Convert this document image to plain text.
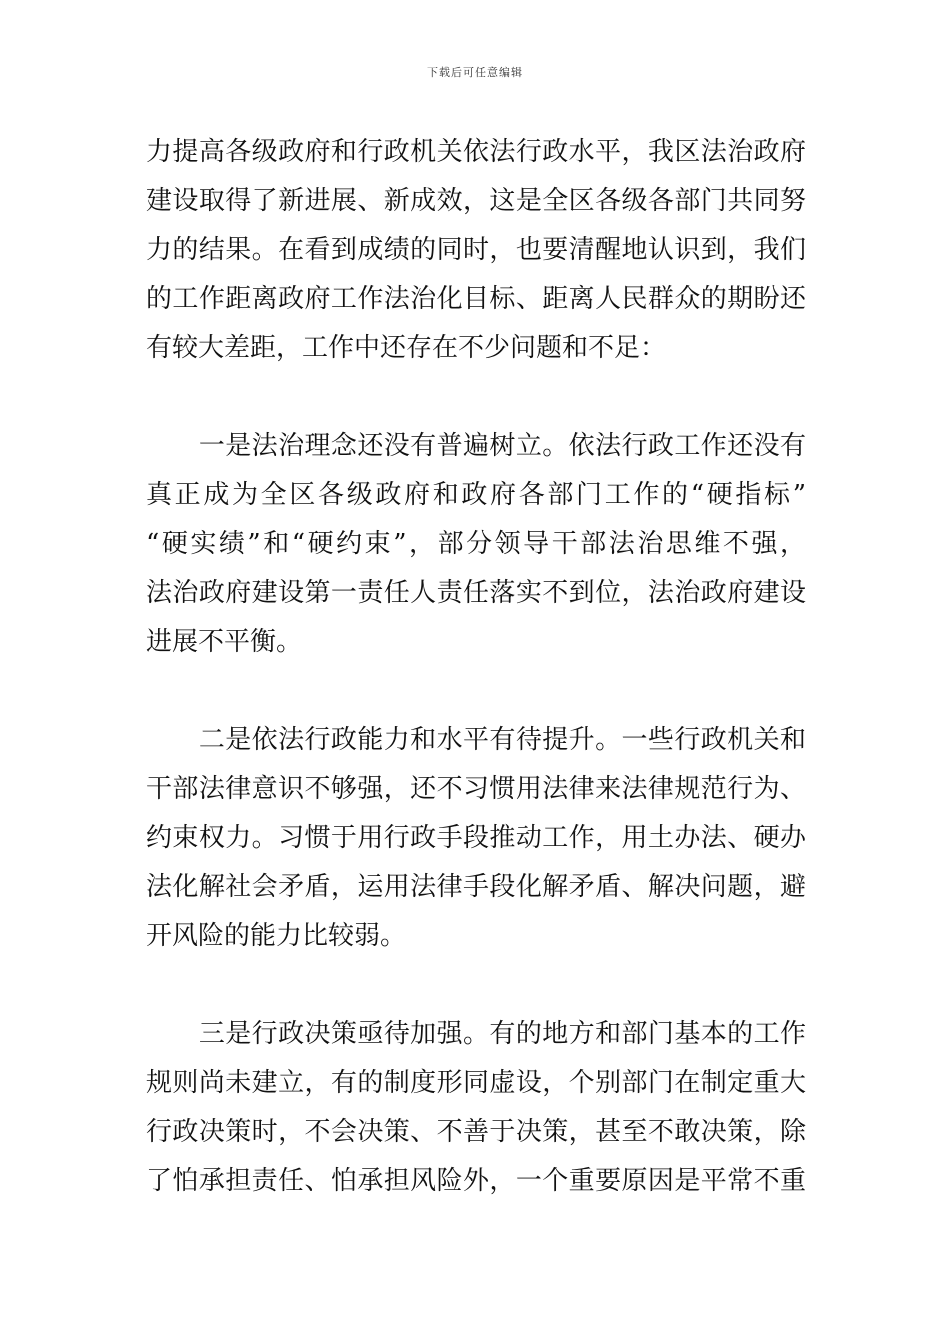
下载后可任意编辑
力提高各级政府和行政机关依法行政水平，我区法治政府
建设取得了新进展、新成效，这是全区各级各部门共同努
力的结果。在看到成绩的同时，也要清醒地认识到，我们
的工作距离政府工作法治化目标、距离人民群众的期盼还
有较大差距，工作中还存在不少问题和不足：
　　一是法治理念还没有普遍树立。依法行政工作还没有
真正成为全区各级政府和政府各部门工作的“硬指标”
“硬实绩”和“硬约束”，部分领导干部法治思维不强，
法治政府建设第一责任人责任落实不到位，法治政府建设
进展不平衡。
　　二是依法行政能力和水平有待提升。一些行政机关和
干部法律意识不够强，还不习惯用法律来法律规范行为、
约束权力。习惯于用行政手段推动工作，用土办法、硬办
法化解社会矛盾，运用法律手段化解矛盾、解决问题，避
开风险的能力比较弱。
　　三是行政决策亟待加强。有的地方和部门基本的工作
规则尚未建立，有的制度形同虚设，个别部门在制定重大
行政决策时，不会决策、不善于决策，甚至不敢决策，除
了怕承担责任、怕承担风险外，一个重要原因是平常不重
